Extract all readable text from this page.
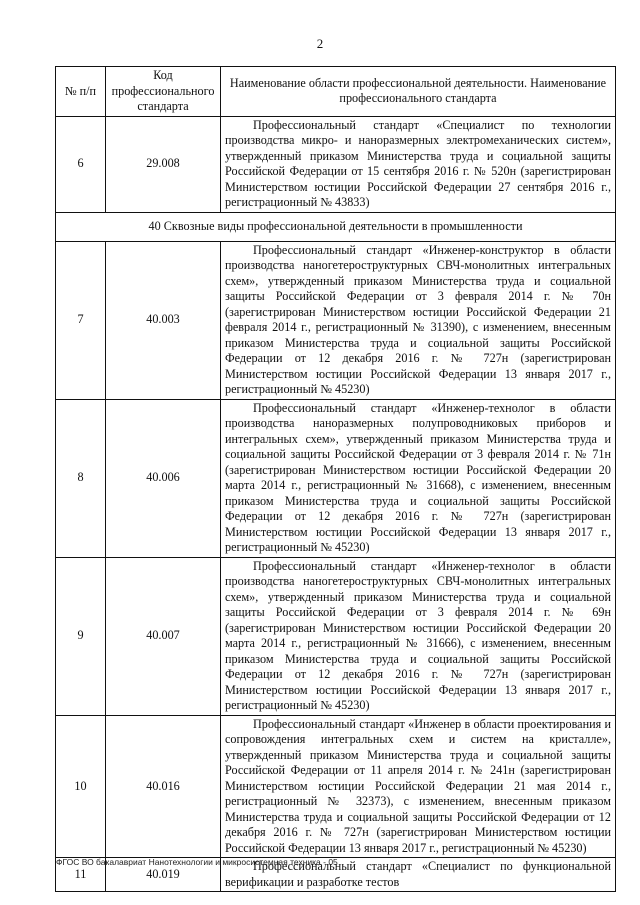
2
№ п/п	Код профессионального стандарта	Наименование области профессиональной деятельности. Наименование профессионального стандарта
6	29.008	Профессиональный стандарт «Специалист по технологии производства микро- и наноразмерных электромеханических систем», утвержденный приказом Министерства труда и социальной защиты Российской Федерации от 15 сентября 2016 г. № 520н (зарегистрирован Министерством юстиции Российской Федерации 27 сентября 2016 г., регистрационный № 43833)
40 Сквозные виды профессиональной деятельности в промышленности		
7	40.003	Профессиональный стандарт «Инженер-конструктор в области производства наногетероструктурных СВЧ-монолитных интегральных схем», утвержденный приказом Министерства труда и социальной защиты Российской Федерации от 3 февраля 2014 г. № 70н (зарегистрирован Министерством юстиции Российской Федерации 21 февраля 2014 г., регистрационный № 31390), с изменением, внесенным приказом Министерства труда и социальной защиты Российской Федерации от 12 декабря 2016 г. № 727н (зарегистрирован Министерством юстиции Российской Федерации 13 января 2017 г., регистрационный № 45230)
8	40.006	Профессиональный стандарт «Инженер-технолог в области производства наноразмерных полупроводниковых приборов и интегральных схем», утвержденный приказом Министерства труда и социальной защиты Российской Федерации от 3 февраля 2014 г. № 71н (зарегистрирован Министерством юстиции Российской Федерации 20 марта 2014 г., регистрационный № 31668), с изменением, внесенным приказом Министерства труда и социальной защиты Российской Федерации от 12 декабря 2016 г. № 727н (зарегистрирован Министерством юстиции Российской Федерации 13 января 2017 г., регистрационный № 45230)
9	40.007	Профессиональный стандарт «Инженер-технолог в области производства наногетероструктурных СВЧ-монолитных интегральных схем», утвержденный приказом Министерства труда и социальной защиты Российской Федерации от 3 февраля 2014 г. № 69н (зарегистрирован Министерством юстиции Российской Федерации 20 марта 2014 г., регистрационный № 31666), с изменением, внесенным приказом Министерства труда и социальной защиты Российской Федерации от 12 декабря 2016 г. № 727н (зарегистрирован Министерством юстиции Российской Федерации 13 января 2017 г., регистрационный № 45230)
10	40.016	Профессиональный стандарт «Инженер в области проектирования и сопровождения интегральных схем и систем на кристалле», утвержденный приказом Министерства труда и социальной защиты Российской Федерации от 11 апреля 2014 г. № 241н (зарегистрирован Министерством юстиции Российской Федерации 21 мая 2014 г., регистрационный № 32373), с изменением, внесенным приказом Министерства труда и социальной защиты Российской Федерации от 12 декабря 2016 г. № 727н (зарегистрирован Министерством юстиции Российской Федерации 13 января 2017 г., регистрационный № 45230)
11	40.019	Профессиональный стандарт «Специалист по функциональной верификации и разработке тестов
ФГОС ВО бакалавриат Нанотехнологии и микросистемная техника - 05
